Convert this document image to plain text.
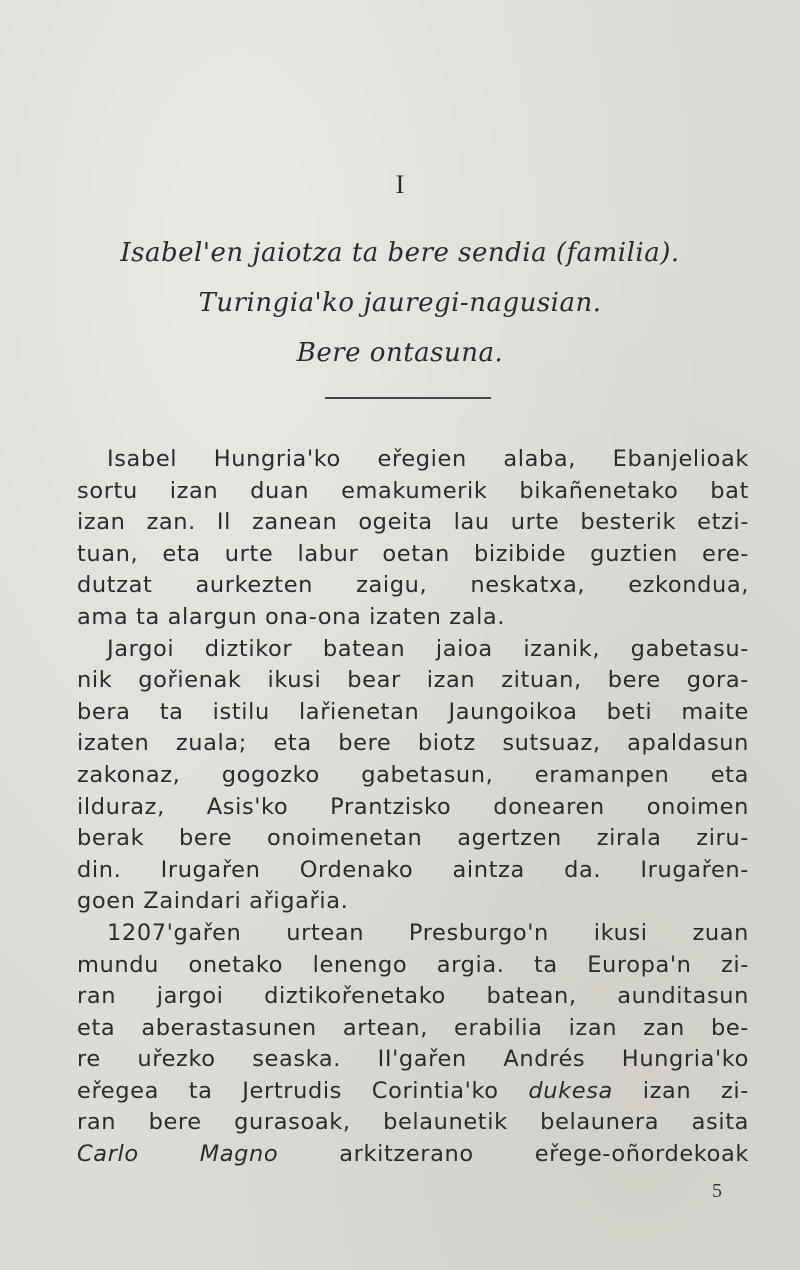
I
Isabel'en jaiotza ta bere sendia (familia).
Turingia'ko jauregi-nagusian.
Bere ontasuna.
Isabel Hungria'ko eřegien alaba, Ebanjelioak
sortu izan duan emakumerik bikañenetako bat
izan zan. Il zanean ogeita lau urte besterik etzi-
tuan, eta urte labur oetan bizibide guztien ere-
dutzat aurkezten zaigu, neskatxa, ezkondua,
ama ta alargun ona-ona izaten zala.
Jargoi diztikor batean jaioa izanik, gabetasu-
nik gořienak ikusi bear izan zituan, bere gora-
bera ta istilu lařienetan Jaungoikoa beti maite
izaten zuala; eta bere biotz sutsuaz, apaldasun
zakonaz, gogozko gabetasun, eramanpen eta
ilduraz, Asis'ko Prantzisko donearen onoimen
berak bere onoimenetan agertzen zirala ziru-
din. Irugařen Ordenako aintza da. Irugařen-
goen Zaindari ařigařia.
1207'gařen urtean Presburgo'n ikusi zuan
mundu onetako lenengo argia. ta Europa'n zi-
ran jargoi diztikořenetako batean, aunditasun
eta aberastasunen artean, erabilia izan zan be-
re uřezko seaska. II'gařen Andrés Hungria'ko
eřegea ta Jertrudis Corintia'ko dukesa izan zi-
ran bere gurasoak, belaunetik belaunera asita
Carlo Magno	arkitzerano eřege-oñordekoak
5
